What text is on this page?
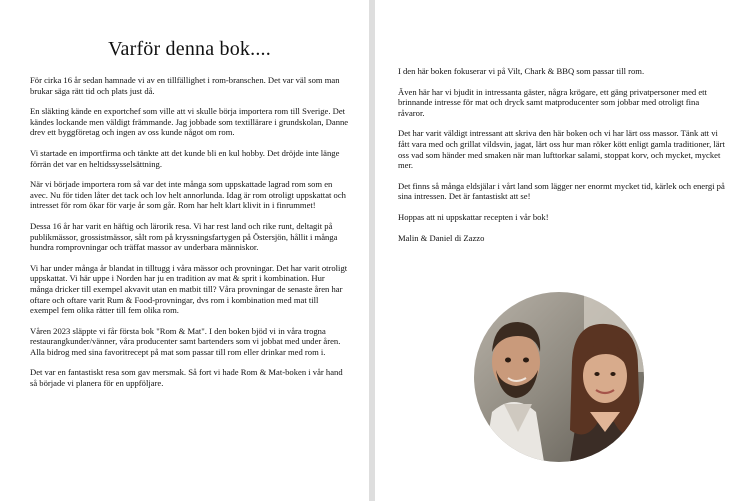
Varför denna bok....

För cirka 16 år sedan hamnade vi av en tillfällighet i rom-branschen. Det var väl som man brukar säga rätt tid och plats just då.

En släkting kände en exportchef som ville att vi skulle börja importera rom till Sverige. Det kändes lockande men väldigt främmande. Jag jobbade som textillärare i grundskolan, Danne drev ett byggföretag och ingen av oss kunde något om rom.

Vi startade en importfirma och tänkte att det kunde bli en kul hobby. Det dröjde inte länge förrän det var en heltidssysselsättning.

När vi började importera rom så var det inte många som uppskattade lagrad rom som en avec. Nu för tiden låter det tack och lov helt annorlunda. Idag är rom otroligt uppskattat och intresset för rom ökar för varje år som går. Rom har helt klart klivit in i finrummet!

Dessa 16 år har varit en häftig och lärorik resa. Vi har rest land och rike runt, deltagit på publikmässor, grossistmässor, sålt rom på kryssningsfartygen på Östersjön, hållit i många hundra romprovningar och träffat massor av underbara människor.

Vi har under många år blandat in tilltugg i våra mässor och provningar. Det har varit otroligt uppskattat. Vi här uppe i Norden har ju en tradition av mat & sprit i kombination. Hur många dricker till exempel akvavit utan en matbit till? Våra provningar de senaste åren har oftare och oftare varit Rum & Food-provningar, dvs rom i kombination med mat till exempel fem olika rätter till fem olika rom.

Våren 2023 släppte vi får första bok "Rom & Mat". I den boken bjöd vi in våra trogna restaurangkunder/vänner, våra producenter samt bartenders som vi jobbat med under åren. Alla bidrog med sina favoritrecept på mat som passar till rom eller drinkar med rom i.

Det var en fantastiskt resa som gav mersmak. Så fort vi hade Rom & Mat-boken i vår hand så började vi planera för en uppföljare.

I den här boken fokuserar vi på Vilt, Chark & BBQ som passar till rom.

Även här har vi bjudit in intressanta gäster, några krögare, ett gäng privatpersoner med ett brinnande intresse för mat och dryck samt matproducenter som jobbar med otroligt fina råvaror.

Det har varit väldigt intressant att skriva den här boken och vi har lärt oss massor. Tänk att vi fått vara med och grillat vildsvin, jagat, lärt oss hur man röker kött enligt gamla traditioner, lärt oss vad som händer med smaken när man lufttorkar salami, stoppat korv, och mycket, mycket mer.

Det finns så många eldsjälar i vårt land som lägger ner enormt mycket tid, kärlek och energi på sina intressen. Det är fantastiskt att se!

Hoppas att ni uppskattar recepten i vår bok!

Malin & Daniel di Zazzo
